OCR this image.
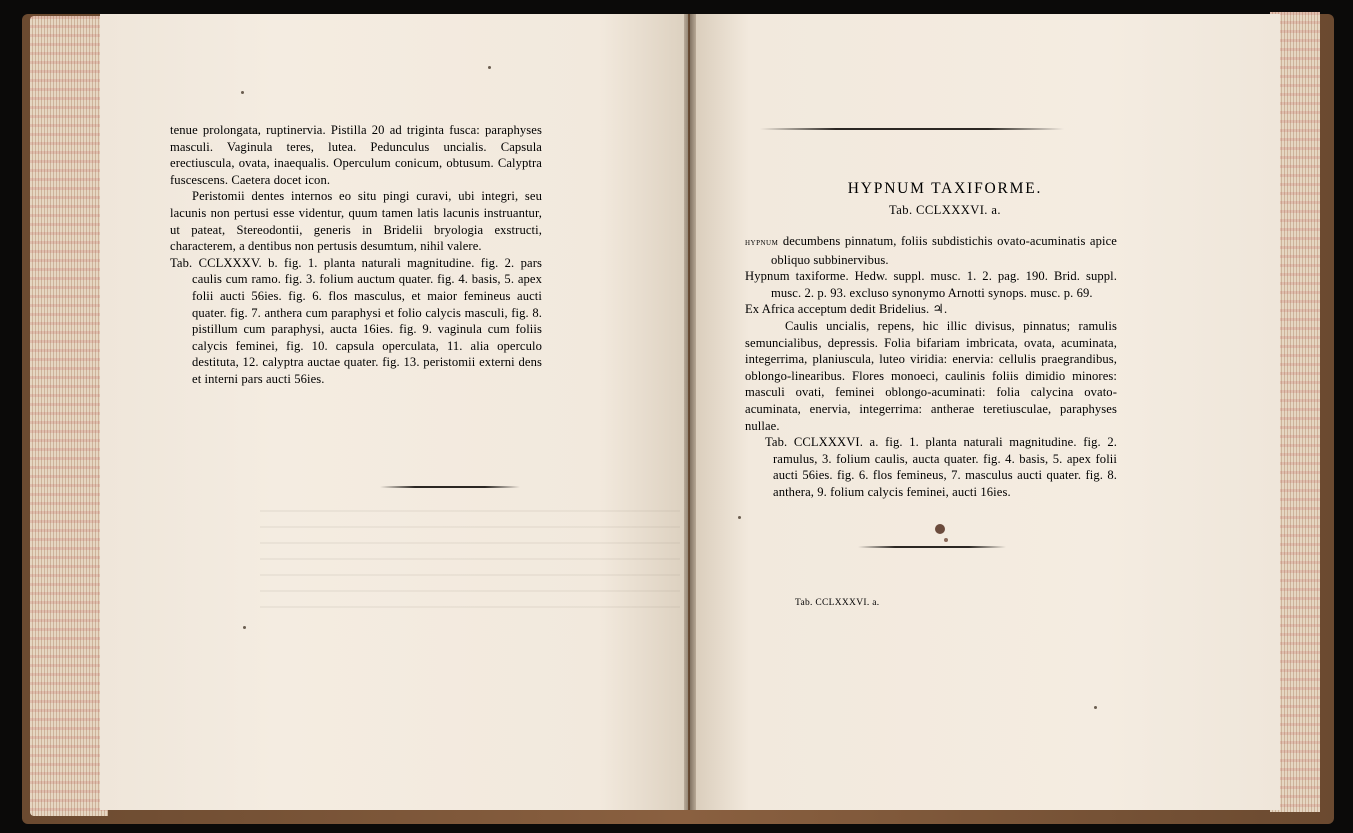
tenue prolongata, ruptinervia. Pistilla 20 ad triginta fusca: paraphyses masculi. Vaginula teres, lutea. Pedunculus uncialis. Capsula erectiuscula, ovata, inaequalis. Operculum conicum, obtusum. Calyptra fuscescens. Caetera docet icon.

Peristomii dentes internos eo situ pingi curavi, ubi integri, seu lacunis non pertusi esse videntur, quum tamen latis lacunis instruantur, ut pateat, Stereodontii, generis in Bridelii bryologia exstructi, characterem, a dentibus non pertusis desumtum, nihil valere.

Tab. CCLXXXV. b. fig. 1. planta naturali magnitudine. fig. 2. pars caulis cum ramo. fig. 3. folium auctum quater. fig. 4. basis, 5. apex folii aucti 56ies. fig. 6. flos masculus, et maior femineus aucti quater. fig. 7. anthera cum paraphysi et folio calycis masculi, fig. 8. pistillum cum paraphysi, aucta 16ies. fig. 9. vaginula cum foliis calycis feminei, fig. 10. capsula operculata, 11. alia operculo destituta, 12. calyptra auctae quater. fig. 13. peristomii externi dens et interni pars aucti 56ies.

HYPNUM TAXIFORME.
Tab. CCLXXXVI. a.

hypnum decumbens pinnatum, foliis subdistichis ovato-acuminatis apice obliquo subbinervibus.

Hypnum taxiforme. Hedw. suppl. musc. 1. 2. pag. 190. Brid. suppl. musc. 2. p. 93. excluso synonymo Arnotti synops. musc. p. 69.

Ex Africa acceptum dedit Bridelius. ♃.

Caulis uncialis, repens, hic illic divisus, pinnatus; ramulis semuncialibus, depressis. Folia bifariam imbricata, ovata, acuminata, integerrima, planiuscula, luteo viridia: enervia: cellulis praegrandibus, oblongo-linearibus. Flores monoeci, caulinis foliis dimidio minores: masculi ovati, feminei oblongo-acuminati: folia calycina ovato-acuminata, enervia, integerrima: antherae teretiusculae, paraphyses nullae.

Tab. CCLXXXVI. a. fig. 1. planta naturali magnitudine. fig. 2. ramulus, 3. folium caulis, aucta quater. fig. 4. basis, 5. apex folii aucti 56ies. fig. 6. flos femineus, 7. masculus aucti quater. fig. 8. anthera, 9. folium calycis feminei, aucti 16ies.

Tab. CCLXXXVI. a.
